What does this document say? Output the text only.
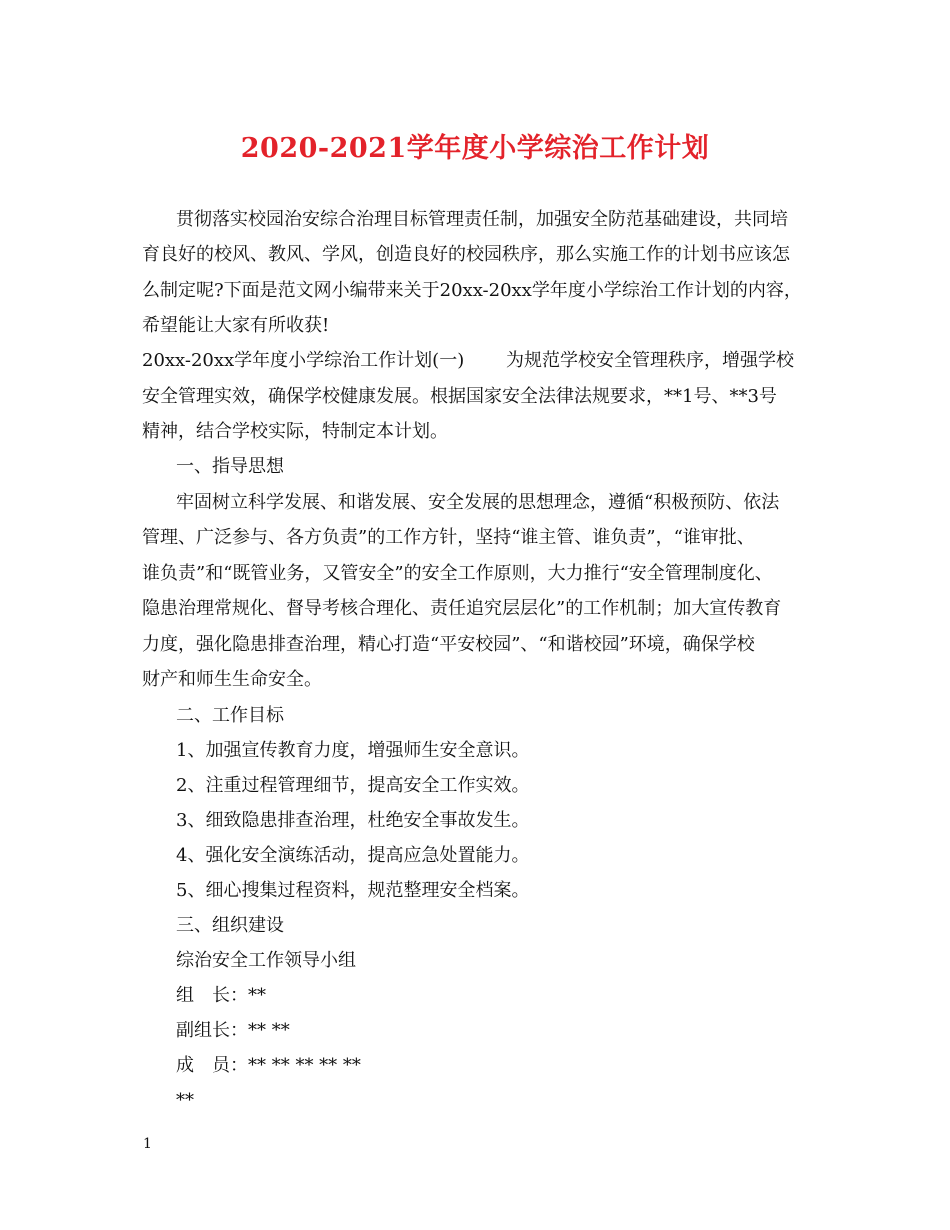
2020-2021学年度小学综治工作计划
贯彻落实校园治安综合治理目标管理责任制，加强安全防范基础建设，共同培
育良好的校风、教风、学风，创造良好的校园秩序，那么实施工作的计划书应该怎
么制定呢?下面是范文网小编带来关于20xx-20xx学年度小学综治工作计划的内容，
希望能让大家有所收获!
20xx-20xx学年度小学综治工作计划(一)　　 为规范学校安全管理秩序，增强学校
安全管理实效，确保学校健康发展。根据国家安全法律法规要求，**1号、**3号
精神，结合学校实际，特制定本计划。
一、指导思想
牢固树立科学发展、和谐发展、安全发展的思想理念，遵循“积极预防、依法
管理、广泛参与、各方负责”的工作方针，坚持“谁主管、谁负责”，“谁审批、
谁负责”和“既管业务，又管安全”的安全工作原则，大力推行“安全管理制度化、
隐患治理常规化、督导考核合理化、责任追究层层化”的工作机制；加大宣传教育
力度，强化隐患排查治理，精心打造“平安校园”、“和谐校园”环境，确保学校
财产和师生生命安全。
二、工作目标
1、加强宣传教育力度，增强师生安全意识。
2、注重过程管理细节，提高安全工作实效。
3、细致隐患排查治理，杜绝安全事故发生。
4、强化安全演练活动，提高应急处置能力。
5、细心搜集过程资料，规范整理安全档案。
三、组织建设
综治安全工作领导小组
组　长：**
副组长：** **
成　员：** ** ** ** **
**
1
